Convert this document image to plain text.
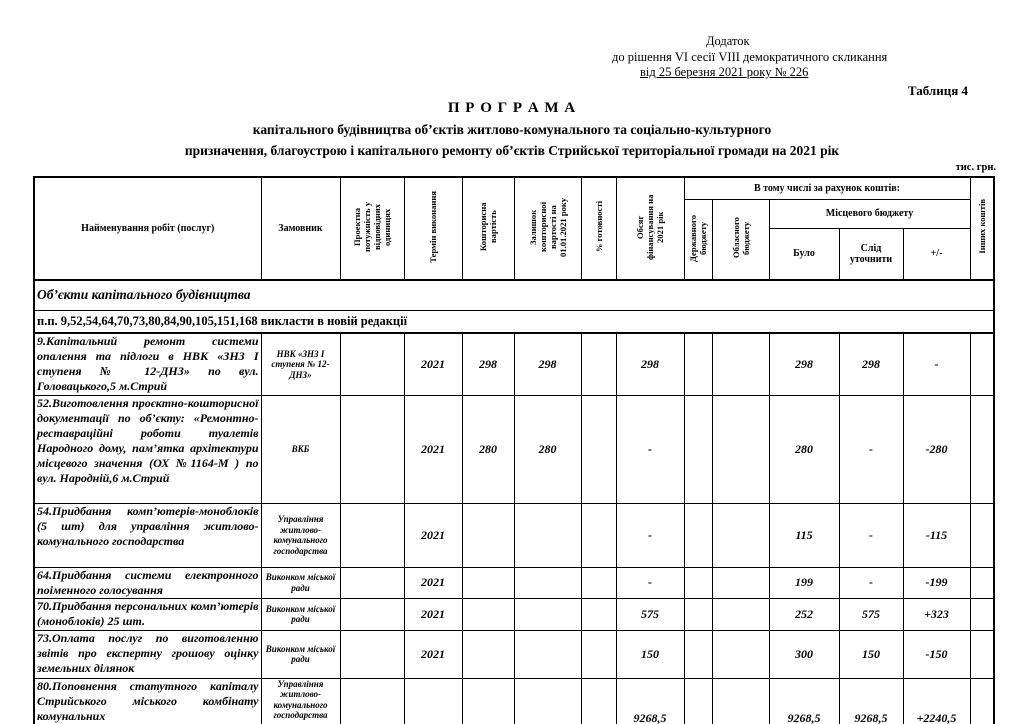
Додаток
до рішення VI сесії VIII демократичного скликання
від 25 березня 2021 року № 226
Таблиця 4
П Р О Г Р А М А
капітального будівництва об’єктів житлово-комунального та соціально-культурного
призначення, благоустрою і капітального ремонту об’єктів Стрийської територіальної громади на 2021 рік
тис. грн.
Найменування робіт (послуг)	Замовник	Проектна потужність у відповідних одиницях	Термін виконання	Кошторисна вартість	Залишок кошторисної вартості на 01.01.2021 року	% готовності	Обсяг фінансування на 2021 рік	В тому числі за рахунок коштів:					Інших коштів
								Державного бюджету	Обласного бюджету	Місцевого бюджету			
										Було	Слід уточнити	+/-	
Об’єкти капітального будівництва													
п.п. 9,52,54,64,70,73,80,84,90,105,151,168 викласти в новій редакції													
9.Капітальний ремонт системи опалення та підлоги в НВК «ЗНЗ І ступеня № 12-ДНЗ» по вул. Головацького,5 м.Стрий	НВК «ЗНЗ І ступеня № 12-ДНЗ»		2021	298	298		298			298	298	-	
52.Виготовлення проєктно-кошторисної документації по об’єкту: «Ремонтно-реставраційні роботи туалетів Народного дому, пам’ятка архітектури місцевого значення (ОХ №1164-М ) по вул. Народній,6 м.Стрий	ВКБ		2021	280	280		-			280	-	-280	
54.Придбання комп’ютерів-моноблоків (5 шт) для управління житлово-комунального господарства	Управління житлово-комунального господарства		2021				-			115	-	-115	
64.Придбання системи електронного поіменного голосування	Виконком міської ради		2021				-			199	-	-199	
70.Придбання персональних комп’ютерів (моноблоків) 25 шт.	Виконком міської ради		2021				575			252	575	+323	
73.Оплата послуг по виготовленню звітів про експертну грошову оцінку земельних ділянок	Виконком міської ради		2021				150			300	150	-150	
80.Поповнення статутного капіталу Стрийського міського комбінату комунальних	Управління житлово-комунального господарства						9268,5			9268,5	9268,5	+2240,5	
